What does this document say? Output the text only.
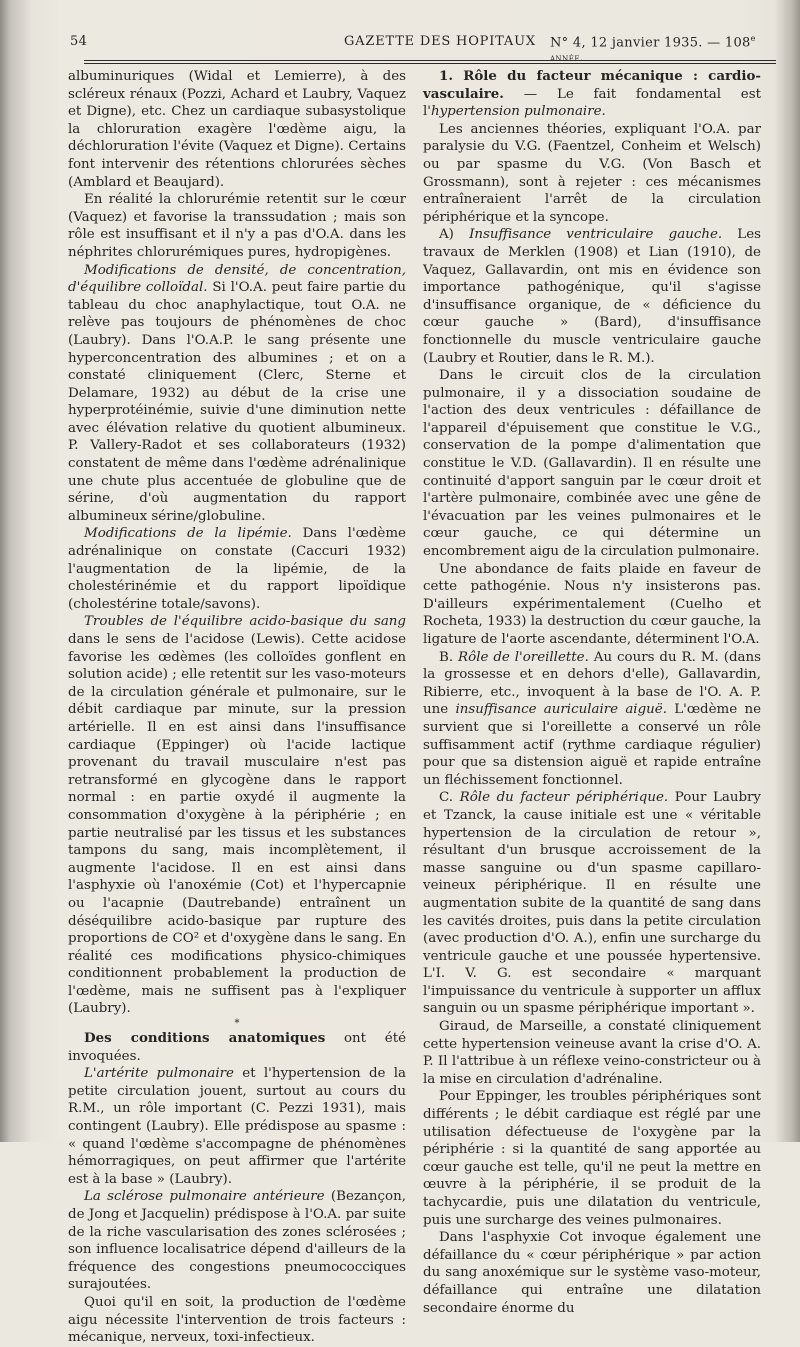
54	GAZETTE DES HOPITAUX N° 4, 12 janvier 1935. — 108e année.

albuminuriques (Widal et Lemierre), à des scléreux rénaux (Pozzi, Achard et Laubry, Vaquez et Digne), etc. Chez un cardiaque subasystolique la chloruration exagère l'œdème aigu, la déchloruration l'évite (Vaquez et Digne). Certains font intervenir des rétentions chlorurées sèches (Amblard et Beaujard).

En réalité la chlorurémie retentit sur le cœur (Vaquez) et favorise la transsudation ; mais son rôle est insuffisant et il n'y a pas d'O.A. dans les néphrites chlorurémiques pures, hydropigènes.

Modifications de densité, de concentration, d'équilibre colloïdal. Si l'O.A. peut faire partie du tableau du choc anaphylactique, tout O.A. ne relève pas toujours de phénomènes de choc (Laubry). Dans l'O.A.P. le sang présente une hyperconcentration des albumines ; et on a constaté cliniquement (Clerc, Sterne et Delamare, 1932) au début de la crise une hyperprotéinémie, suivie d'une diminution nette avec élévation relative du quotient albumineux. P. Vallery-Radot et ses collaborateurs (1932) constatent de même dans l'œdème adrénalinique une chute plus accentuée de globuline que de sérine, d'où augmentation du rapport albumineux sérine/globuline.

Modifications de la lipémie. Dans l'œdème adrénalinique on constate (Caccuri 1932) l'augmentation de la lipémie, de la cholestérinémie et du rapport lipoïdique (cholestérine totale/savons).

Troubles de l'équilibre acido-basique du sang dans le sens de l'acidose (Lewis). Cette acidose favorise les œdèmes (les colloïdes gonflent en solution acide) ; elle retentit sur les vaso-moteurs de la circulation générale et pulmonaire, sur le débit cardiaque par minute, sur la pression artérielle. Il en est ainsi dans l'insuffisance cardiaque (Eppinger) où l'acide lactique provenant du travail musculaire n'est pas retransformé en glycogène dans le rapport normal : en partie oxydé il augmente la consommation d'oxygène à la périphérie ; en partie neutralisé par les tissus et les substances tampons du sang, mais incomplètement, il augmente l'acidose. Il en est ainsi dans l'asphyxie où l'anoxémie (Cot) et l'hypercapnie ou l'acapnie (Dautrebande) entraînent un déséquilibre acido-basique par rupture des proportions de CO² et d'oxygène dans le sang. En réalité ces modifications physico-chimiques conditionnent probablement la production de l'œdème, mais ne suffisent pas à l'expliquer (Laubry).

*

Des conditions anatomiques ont été invoquées.

L'artérite pulmonaire et l'hypertension de la petite circulation jouent, surtout au cours du R.M., un rôle important (C. Pezzi 1931), mais contingent (Laubry). Elle prédispose au spasme : « quand l'œdème s'accompagne de phénomènes hémorragiques, on peut affirmer que l'artérite est à la base » (Laubry).

La sclérose pulmonaire antérieure (Bezançon, de Jong et Jacquelin) prédispose à l'O.A. par suite de la riche vascularisation des zones sclérosées ; son influence localisatrice dépend d'ailleurs de la fréquence des congestions pneumococciques surajoutées.

Quoi qu'il en soit, la production de l'œdème aigu nécessite l'intervention de trois facteurs : mécanique, nerveux, toxi-infectieux.

1. Rôle du facteur mécanique : cardio-vasculaire. — Le fait fondamental est l'hypertension pulmonaire.

Les anciennes théories, expliquant l'O.A. par paralysie du V.G. (Faentzel, Conheim et Welsch) ou par spasme du V.G. (Von Basch et Grossmann), sont à rejeter : ces mécanismes entraîneraient l'arrêt de la circulation périphérique et la syncope.

A) Insuffisance ventriculaire gauche. Les travaux de Merklen (1908) et Lian (1910), de Vaquez, Gallavardin, ont mis en évidence son importance pathogénique, qu'il s'agisse d'insuffisance organique, de « déficience du cœur gauche » (Bard), d'insuffisance fonctionnelle du muscle ventriculaire gauche (Laubry et Routier, dans le R. M.).

Dans le circuit clos de la circulation pulmonaire, il y a dissociation soudaine de l'action des deux ventricules : défaillance de l'appareil d'épuisement que constitue le V.G., conservation de la pompe d'alimentation que constitue le V.D. (Gallavardin). Il en résulte une continuité d'apport sanguin par le cœur droit et l'artère pulmonaire, combinée avec une gêne de l'évacuation par les veines pulmonaires et le cœur gauche, ce qui détermine un encombrement aigu de la circulation pulmonaire.

Une abondance de faits plaide en faveur de cette pathogénie. Nous n'y insisterons pas. D'ailleurs expérimentalement (Cuelho et Rocheta, 1933) la destruction du cœur gauche, la ligature de l'aorte ascendante, déterminent l'O.A.

B. Rôle de l'oreillette. Au cours du R. M. (dans la grossesse et en dehors d'elle), Gallavardin, Ribierre, etc., invoquent à la base de l'O. A. P. une insuffisance auriculaire aiguë. L'œdème ne survient que si l'oreillette a conservé un rôle suffisamment actif (rythme cardiaque régulier) pour que sa distension aiguë et rapide entraîne un fléchissement fonctionnel.

C. Rôle du facteur périphérique. Pour Laubry et Tzanck, la cause initiale est une « véritable hypertension de la circulation de retour », résultant d'un brusque accroissement de la masse sanguine ou d'un spasme capillaro-veineux périphérique. Il en résulte une augmentation subite de la quantité de sang dans les cavités droites, puis dans la petite circulation (avec production d'O. A.), enfin une surcharge du ventricule gauche et une poussée hypertensive. L'I. V. G. est secondaire « marquant l'impuissance du ventricule à supporter un afflux sanguin ou un spasme périphérique important ».

Giraud, de Marseille, a constaté cliniquement cette hypertension veineuse avant la crise d'O. A. P. Il l'attribue à un réflexe veino-constricteur ou à la mise en circulation d'adrénaline.

Pour Eppinger, les troubles périphériques sont différents ; le débit cardiaque est réglé par une utilisation défectueuse de l'oxygène par la périphérie : si la quantité de sang apportée au cœur gauche est telle, qu'il ne peut la mettre en œuvre à la périphérie, il se produit de la tachycardie, puis une dilatation du ventricule, puis une surcharge des veines pulmonaires.

Dans l'asphyxie Cot invoque également une défaillance du « cœur périphérique » par action du sang anoxémique sur le système vaso-moteur, défaillance qui entraîne une dilatation secondaire énorme du
